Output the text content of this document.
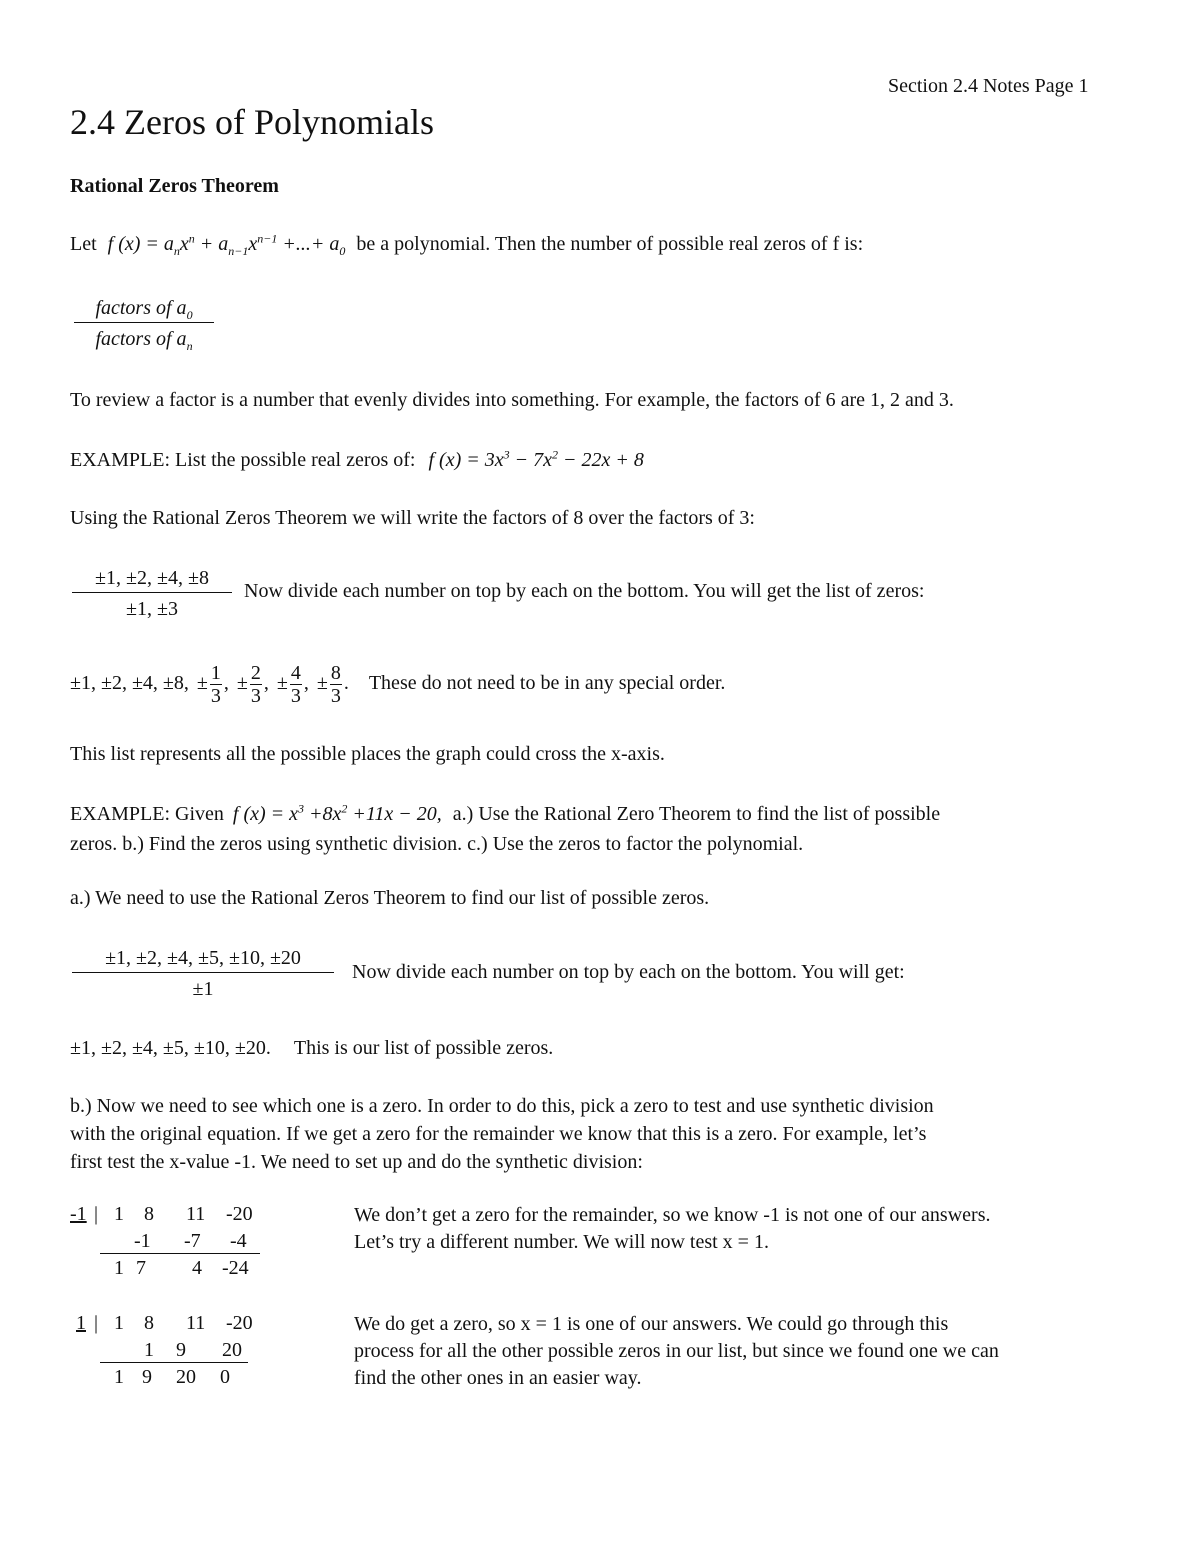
Section 2.4 Notes Page 1
2.4 Zeros of Polynomials
Rational Zeros Theorem
Let f $(x) = a_nx^n + a_{n-1}x^{n-1}$ +...+ $a_0$ be a polynomial. Then the number of possible real zeros of f is:
factors of $a_0$
factors of $a_n$
To review a factor is a number that evenly divides into something. For example, the factors of 6 are 1, 2 and 3.
EXAMPLE: List the possible real zeros of: f $(x) = 3x^3 - 7x^2 - 22x + 8$
Using the Rational Zeros Theorem we will write the factors of 8 over the factors of 3:
$\frac{\pm 1, \pm 2, \pm 4, \pm 8}{\pm 1, \pm 3}$ Now divide each number on top by each on the bottom. You will get the list of zeros:
±1, ±2, ±4, ±8, ± $\frac{1}{3}$ , ± $\frac{2}{3}$ , ± $\frac{4}{3}$ , ± $\frac{8}{3}$ . These do not need to be in any special order.
This list represents all the possible places the graph could cross the x-axis.
EXAMPLE: Given f $(x) = x^3 +8x^2 +11x - 20$, a.) Use the Rational Zero Theorem to find the list of possible
zeros. b.) Find the zeros using synthetic division. c.) Use the zeros to factor the polynomial.
a.) We need to use the Rational Zeros Theorem to find our list of possible zeros.
$\frac{\pm 1, \pm 2, \pm 4, \pm 5, \pm 10, \pm 20}{\pm 1}$ Now divide each number on top by each on the bottom. You will get:
±1, ±2, ±4, ±5, ±10, ±20. This is our list of possible zeros.
b.) Now we need to see which one is a zero. In order to do this, pick a zero to test and use synthetic division
with the original equation. If we get a zero for the remainder we know that this is a zero. For example, let’s
first test the x-value -1. We need to set up and do the synthetic division:
-1 | 1 8 11 -20
-1 -7 -4
1 7 4 -24
We don’t get a zero for the remainder, so we know -1 is not one of our answers.
Let’s try a different number. We will now test x = 1.
1 | 1 8 11 -20
1 9 20
1 9 20 0
We do get a zero, so x = 1 is one of our answers. We could go through this
process for all the other possible zeros in our list, but since we found one we can
find the other ones in an easier way.
